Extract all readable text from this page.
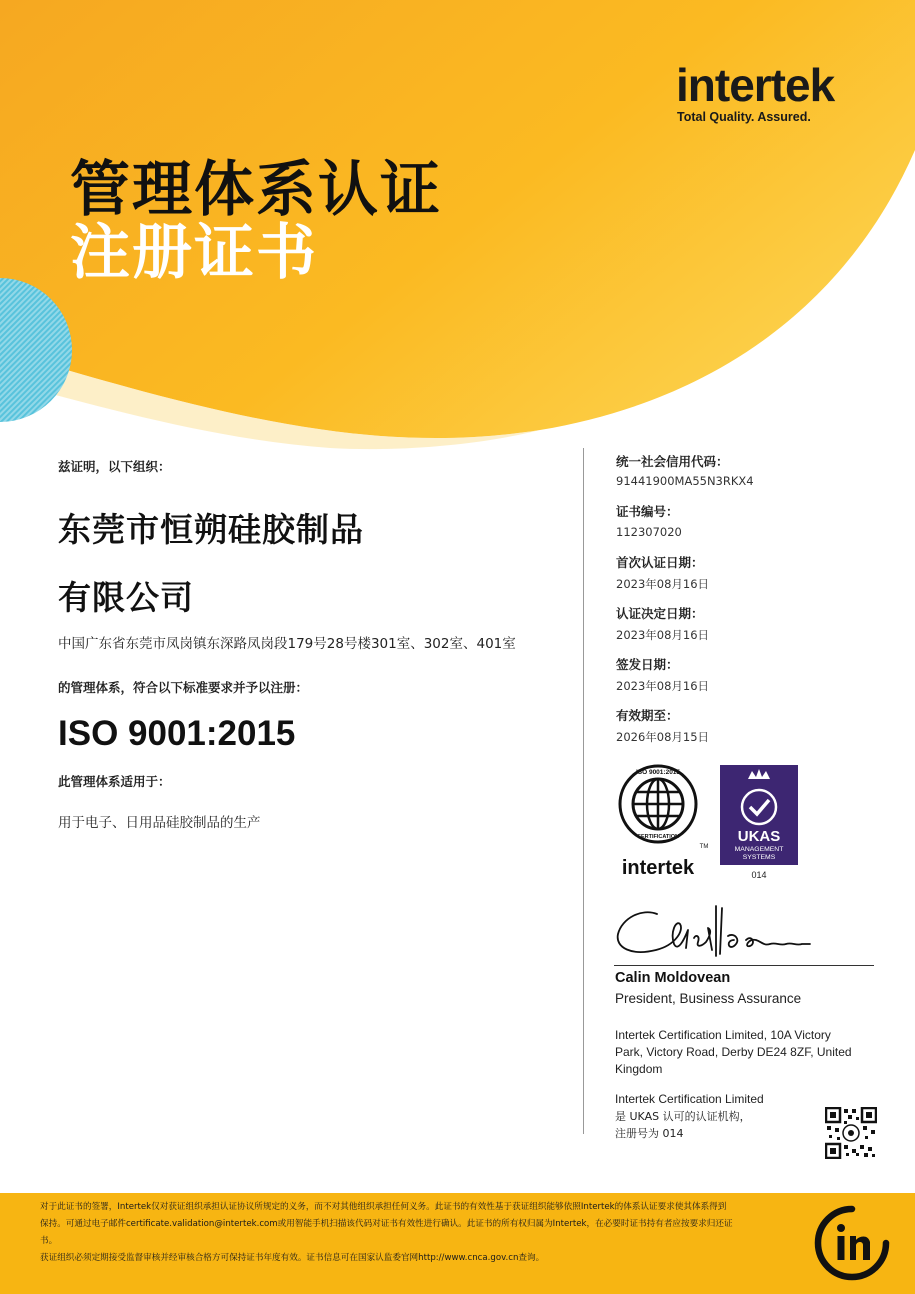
intertek
Total Quality. Assured.
管理体系认证
注册证书
兹证明，以下组织：
东莞市恒朔硅胶制品
有限公司
中国广东省东莞市凤岗镇东深路凤岗段179号28号楼301室、302室、401室
的管理体系，符合以下标准要求并予以注册：
ISO 9001:2015
此管理体系适用于：
用于电子、日用品硅胶制品的生产
统一社会信用代码：
91441900MA55N3RKX4
证书编号：
112307020
首次认证日期：
2023年08月16日
认证决定日期：
2023年08月16日
签发日期：
2023年08月16日
有效期至：
2026年08月15日
ISO 9001:2015
CERTIFICATION
TM
intertek
UKAS
MANAGEMENT
SYSTEMS
014
Calin Moldovean
President, Business Assurance
Intertek Certification Limited, 10A Victory
Park, Victory Road, Derby DE24 8ZF, United
Kingdom
Intertek Certification Limited
是 UKAS 认可的认证机构，
注册号为 014
对于此证书的签署，Intertek仅对获证组织承担认证协议所规定的义务，而不对其他组织承担任何义务。此证书的有效性基于获证组织能够依照Intertek的体系认证要求使其体系得到
保持。可通过电子邮件certificate.validation@intertek.com或用智能手机扫描该代码对证书有效性进行确认。此证书的所有权归属为Intertek，在必要时证书持有者应按要求归还证
书。
获证组织必须定期接受监督审核并经审核合格方可保持证书年度有效。证书信息可在国家认监委官网http://www.cnca.gov.cn查询。
